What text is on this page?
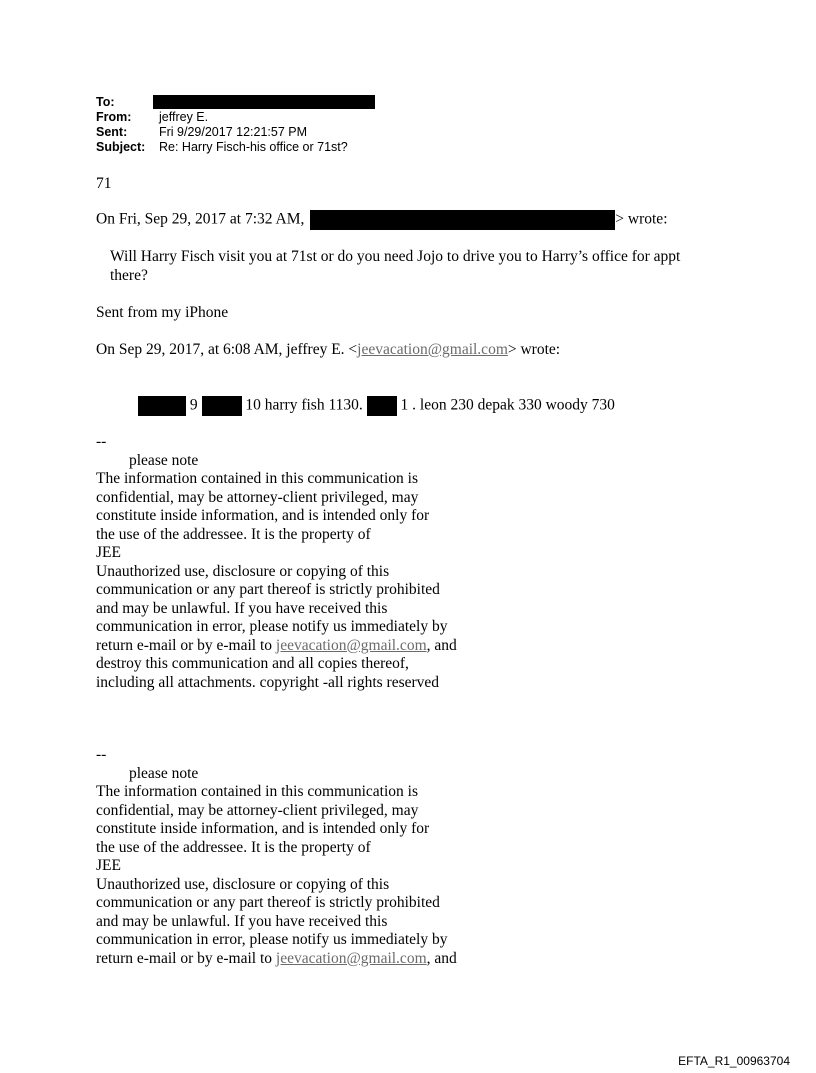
To:
From:	jeffrey E.
Sent:	Fri 9/29/2017 12:21:57 PM
Subject:	Re: Harry Fisch-his office or 71st?
71
On Fri, Sep 29, 2017 at 7:32 AM,	> wrote:
Will Harry Fisch visit you at 71st or do you need Jojo to drive you to Harry’s office for appt
there?
Sent from my iPhone
On Sep 29, 2017, at 6:08 AM, jeffrey E. <jeevacation@gmail.com> wrote:
9	10 harry fish 1130. 1 . leon 230 depak 330 woody 730
--
please note
The information contained in this communication is
confidential, may be attorney-client privileged, may
constitute inside information, and is intended only for
the use of the addressee. It is the property of
JEE
Unauthorized use, disclosure or copying of this
communication or any part thereof is strictly prohibited
and may be unlawful. If you have received this
communication in error, please notify us immediately by
return e-mail or by e-mail to jeevacation@gmail.com, and
destroy this communication and all copies thereof,
including all attachments. copyright -all rights reserved
--
please note
The information contained in this communication is
confidential, may be attorney-client privileged, may
constitute inside information, and is intended only for
the use of the addressee. It is the property of
JEE
Unauthorized use, disclosure or copying of this
communication or any part thereof is strictly prohibited
and may be unlawful. If you have received this
communication in error, please notify us immediately by
return e-mail or by e-mail to jeevacation@gmail.com, and
EFTA_R1_00963704
